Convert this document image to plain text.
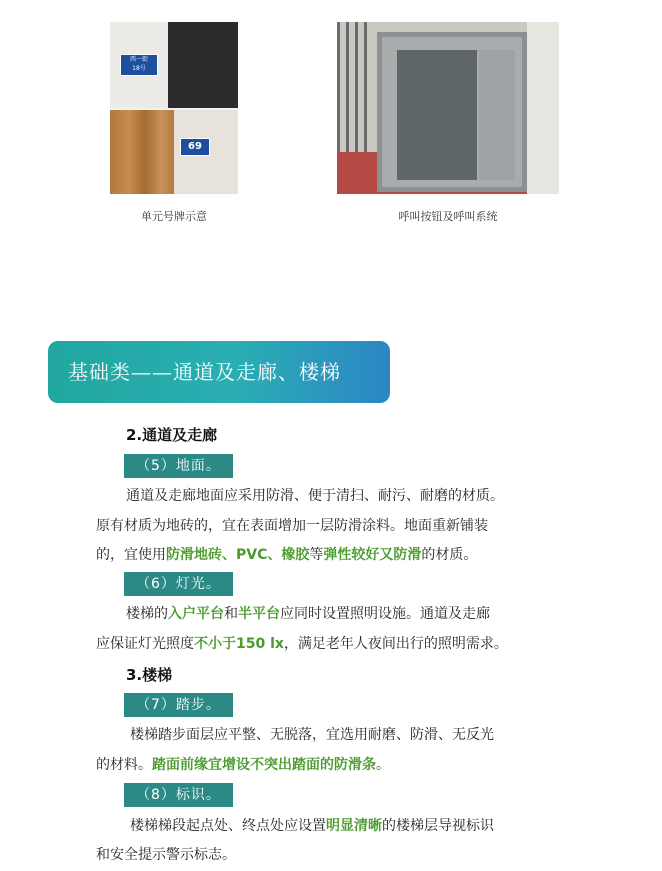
西一街
18号
69
单元号牌示意	呼叫按钮及呼叫系统
基础类——通道及走廊、楼梯
2.通道及走廊
（5）地面。
通道及走廊地面应采用防滑、便于清扫、耐污、耐磨的材质。
原有材质为地砖的，宜在表面增加一层防滑涂料。地面重新铺装
的，宜使用防滑地砖、PVC、橡胶等弹性较好又防滑的材质。
（6）灯光。
楼梯的入户平台和半平台应同时设置照明设施。通道及走廊
应保证灯光照度不小于150 lx，满足老年人夜间出行的照明需求。
3.楼梯
（7）踏步。
楼梯踏步面层应平整、无脱落，宜选用耐磨、防滑、无反光
的材料。踏面前缘宜增设不突出踏面的防滑条。
（8）标识。
楼梯梯段起点处、终点处应设置明显清晰的楼梯层导视标识
和安全提示警示标志。
